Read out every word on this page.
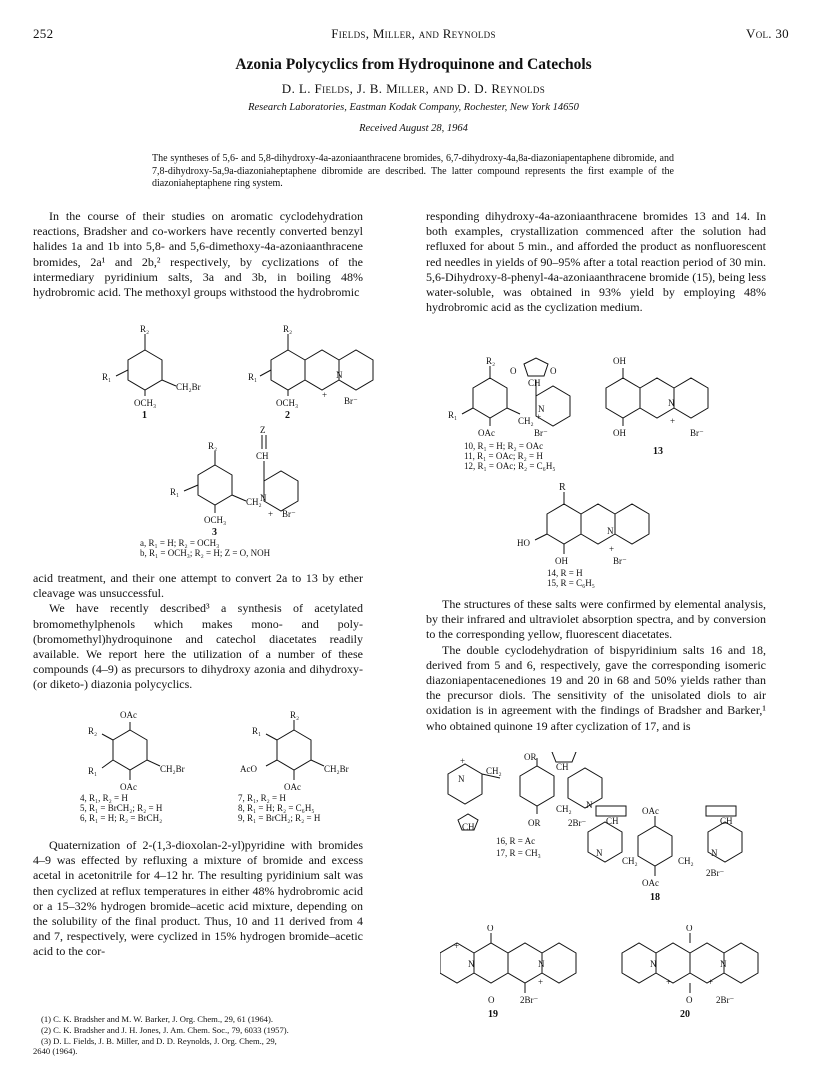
252	Fields, Miller, and Reynolds	Vol. 30
Azonia Polycyclics from Hydroquinone and Catechols
D. L. Fields, J. B. Miller, and D. D. Reynolds
Research Laboratories, Eastman Kodak Company, Rochester, New York 14650
Received August 28, 1964
The syntheses of 5,6- and 5,8-dihydroxy-4a-azoniaanthracene bromides, 6,7-dihydroxy-4a,8a-diazoniapentaphene dibromide, and 7,8-dihydroxy-5a,9a-diazoniaheptaphene dibromide are described. The latter compound represents the first example of the diazoniaheptaphene ring system.

In the course of their studies on aromatic cyclodehydration reactions, Bradsher and co-workers have recently converted benzyl halides 1a and 1b into 5,8- and 5,6-dimethoxy-4a-azoniaanthracene bromides, 2a¹ and 2b,² respectively, by cyclizations of the intermediary pyridinium salts, 3a and 3b, in boiling 48% hydrobromic acid. The methoxyl groups withstood the hydrobromic

R₂
R₁
CH₂Br
OCH₃
1
R₂
R₁	N
+
Br⁻
OCH₃
2
Z
CH
R₂
R₁
CH₂
N
+ Br⁻
OCH₃
3
a, R₁ = H; R₂ = OCH₃
b, R₁ = OCH₃; R₂ = H; Z = O, NOH

acid treatment, and their one attempt to convert 2a to 13 by ether cleavage was unsuccessful.

We have recently described³ a synthesis of acetylated bromomethylphenols which makes mono- and poly-(bromomethyl)hydroquinone and catechol diacetates readily available. We report here the utilization of a number of these compounds (4–9) as precursors to dihydroxy azonia and dihydroxy- (or diketo-) diazonia polycyclics.

OAc
R₂
R₁	CH₂Br
OAc
R₂
R₁
AcO	CH₂Br
OAc
4, R₁, R₂ = H
5, R₁ = BrCH₂; R₂ = H
6, R₁ = H; R₂ = BrCH₂
7, R₁, R₂ = H
8, R₁ = H; R₂ = C₆H₅
9, R₁ = BrCH₂; R₂ = H

Quaternization of 2-(1,3-dioxolan-2-yl)pyridine with bromides 4–9 was effected by refluxing a mixture of bromide and excess acetal in acetonitrile for 4–12 hr. The resulting pyridinium salt was then cyclized at reflux temperatures in either 48% hydrobromic acid or a 15–32% hydrogen bromide–acetic acid mixture, depending on the solubility of the final product. Thus, 10 and 11 derived from 4 and 7, respectively, were cyclized in 15% hydrogen bromide–acetic acid to the cor-

(1) C. K. Bradsher and M. W. Barker, J. Org. Chem., 29, 61 (1964).
(2) C. K. Bradsher and J. H. Jones, J. Am. Chem. Soc., 79, 6033 (1957).
(3) D. L. Fields, J. B. Miller, and D. D. Reynolds, J. Org. Chem., 29,
2640 (1964).

responding dihydroxy-4a-azoniaanthracene bromides 13 and 14. In both examples, crystallization commenced after the solution had refluxed for about 5 min., and afforded the product as nonfluorescent red needles in yields of 90–95% after a total reaction period of 30 min. 5,6-Dihydroxy-8-phenyl-4a-azoniaanthracene bromide (15), being less water-soluble, was obtained in 93% yield by employing 48% hydrobromic acid as the cyclization medium.

R₂
O	O
CH
R₁
CH₂ +
N
OAc	Br⁻
10, R₁ = H; R₂ = OAc
11, R₁ = OAc; R₂ = H
12, R₁ = OAc; R₂ = C₆H₅
OH
N
+
OH	Br⁻
13
R
HO
N
+
OH	Br⁻
14, R = H
15, R = C₆H₅

The structures of these salts were confirmed by elemental analysis, by their infrared and ultraviolet absorption spectra, and by conversion to the corresponding yellow, fluorescent diacetates.

The double cyclodehydration of bispyridinium salts 16 and 18, derived from 5 and 6, respectively, gave the corresponding isomeric diazoniapentacenediones 19 and 20 in 68 and 50% yields rather than the precursor diols. The sensitivity of the unisolated diols to air oxidation is in agreement with the findings of Bradsher and Barker,¹ who obtained quinone 19 after cyclization of 17, and is

OR
CH₂
N
+
CH
CH
CH₂ N
OR	2Br⁻
16, R = Ac
17, R = CH₃
OAc
CH	CH
CH₂	CH₂
N	N
OAc
2Br⁻
18
O
N
+
N
+
O	2Br⁻
19
O
N
+
N
+
O	2Br⁻
20
